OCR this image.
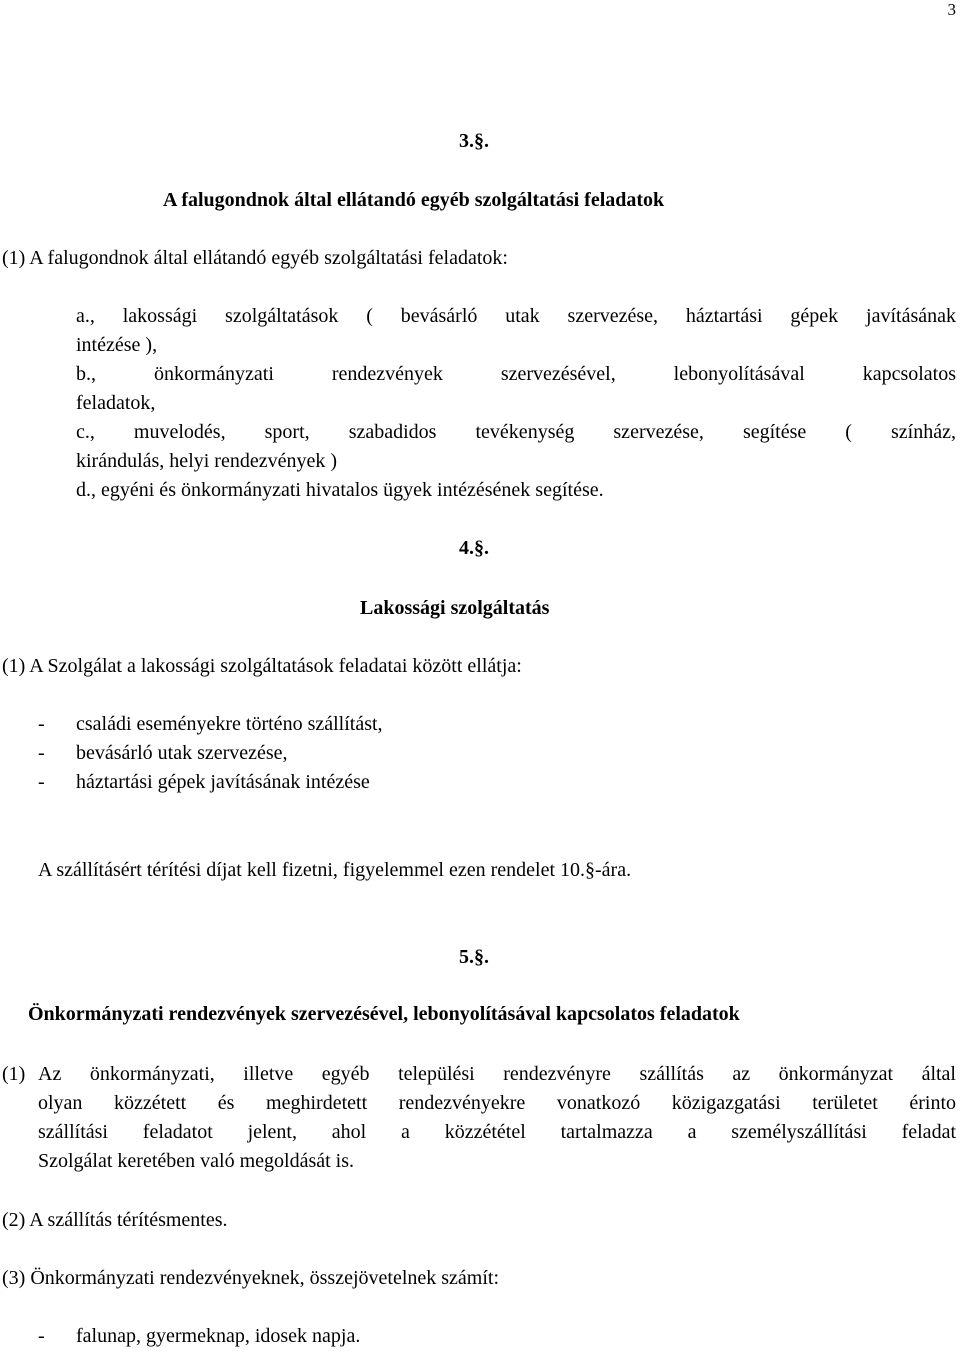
3
3.§.
A falugondnok által ellátandó egyéb szolgáltatási feladatok
(1) A falugondnok által ellátandó egyéb szolgáltatási feladatok:
a., lakossági szolgáltatások ( bevásárló utak szervezése, háztartási gépek javításának
intézése ),
b., önkormányzati rendezvények szervezésével, lebonyolításával kapcsolatos
feladatok,
c., muvelodés, sport, szabadidos tevékenység szervezése, segítése ( színház,
kirándulás, helyi rendezvények )
d., egyéni és önkormányzati hivatalos ügyek intézésének segítése.
4.§.
Lakossági szolgáltatás
(1) A Szolgálat a lakossági szolgáltatások feladatai között ellátja:
- családi eseményekre történo szállítást,
- bevásárló utak szervezése,
- háztartási gépek javításának intézése
A szállításért térítési díjat kell fizetni, figyelemmel ezen rendelet 10.§-ára.
5.§.
Önkormányzati rendezvények szervezésével, lebonyolításával kapcsolatos feladatok
(1) Az önkormányzati, illetve egyéb települési rendezvényre szállítás az önkormányzat által
olyan közzétett és meghirdetett rendezvényekre vonatkozó közigazgatási területet érinto
szállítási feladatot jelent, ahol a közzététel tartalmazza a személyszállítási feladat
Szolgálat keretében való megoldását is.
(2) A szállítás térítésmentes.
(3) Önkormányzati rendezvényeknek, összejövetelnek számít:
- falunap, gyermeknap, idosek napja.
